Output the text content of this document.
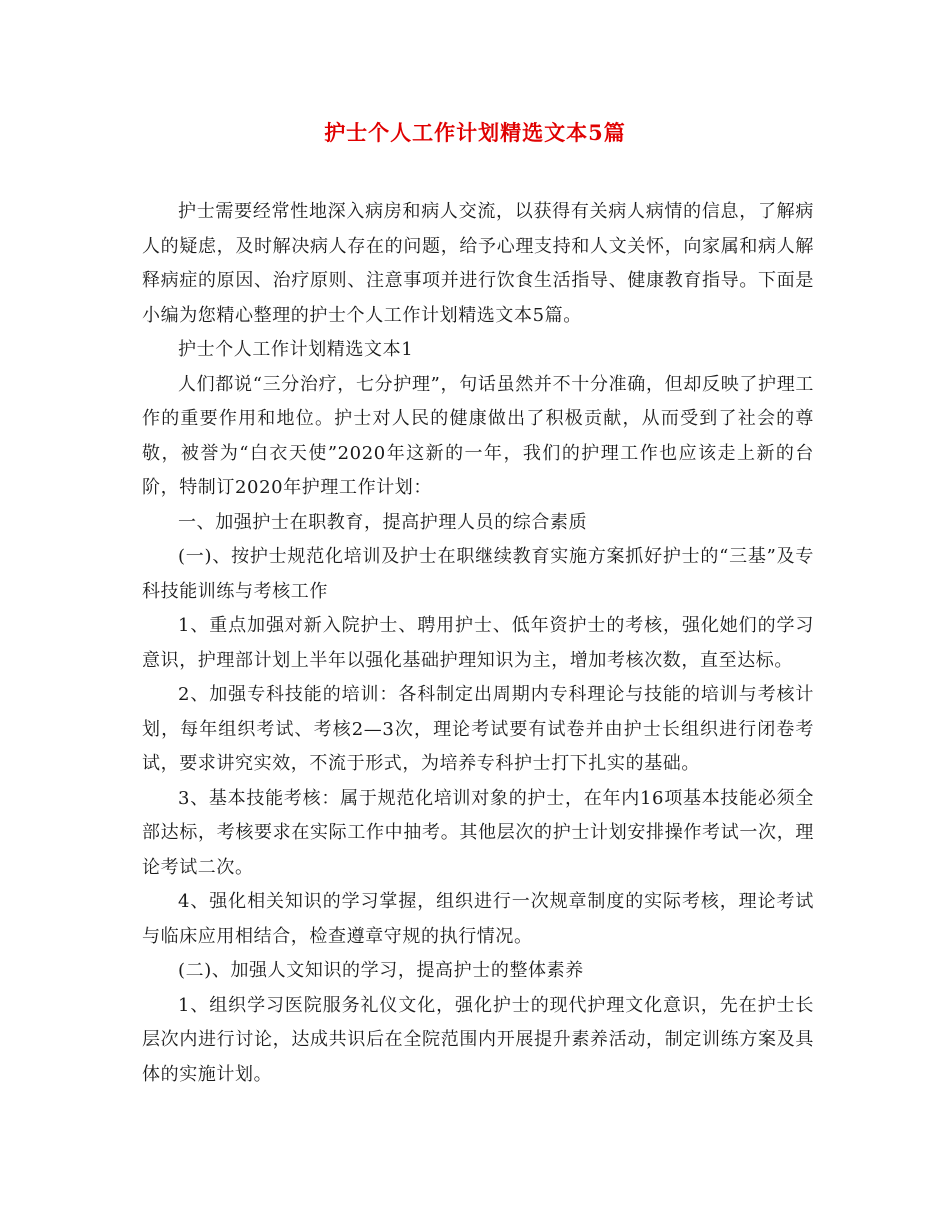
护士个人工作计划精选文本5篇

护士需要经常性地深入病房和病人交流，以获得有关病人病情的信息，了解病人的疑虑，及时解决病人存在的问题，给予心理支持和人文关怀，向家属和病人解释病症的原因、治疗原则、注意事项并进行饮食生活指导、健康教育指导。下面是小编为您精心整理的护士个人工作计划精选文本5篇。

护士个人工作计划精选文本1

人们都说“三分治疗，七分护理”，句话虽然并不十分准确，但却反映了护理工作的重要作用和地位。护士对人民的健康做出了积极贡献，从而受到了社会的尊敬，被誉为“白衣天使”2020年这新的一年，我们的护理工作也应该走上新的台阶，特制订2020年护理工作计划：

一、加强护士在职教育，提高护理人员的综合素质

(一)、按护士规范化培训及护士在职继续教育实施方案抓好护士的“三基”及专科技能训练与考核工作

1、重点加强对新入院护士、聘用护士、低年资护士的考核，强化她们的学习意识，护理部计划上半年以强化基础护理知识为主，增加考核次数，直至达标。

2、加强专科技能的培训：各科制定出周期内专科理论与技能的培训与考核计划，每年组织考试、考核2—3次，理论考试要有试卷并由护士长组织进行闭卷考试，要求讲究实效，不流于形式，为培养专科护士打下扎实的基础。

3、基本技能考核：属于规范化培训对象的护士，在年内16项基本技能必须全部达标，考核要求在实际工作中抽考。其他层次的护士计划安排操作考试一次，理论考试二次。

4、强化相关知识的学习掌握，组织进行一次规章制度的实际考核，理论考试与临床应用相结合，检查遵章守规的执行情况。

(二)、加强人文知识的学习，提高护士的整体素养

1、组织学习医院服务礼仪文化，强化护士的现代护理文化意识，先在护士长层次内进行讨论，达成共识后在全院范围内开展提升素养活动，制定训练方案及具体的实施计划。
